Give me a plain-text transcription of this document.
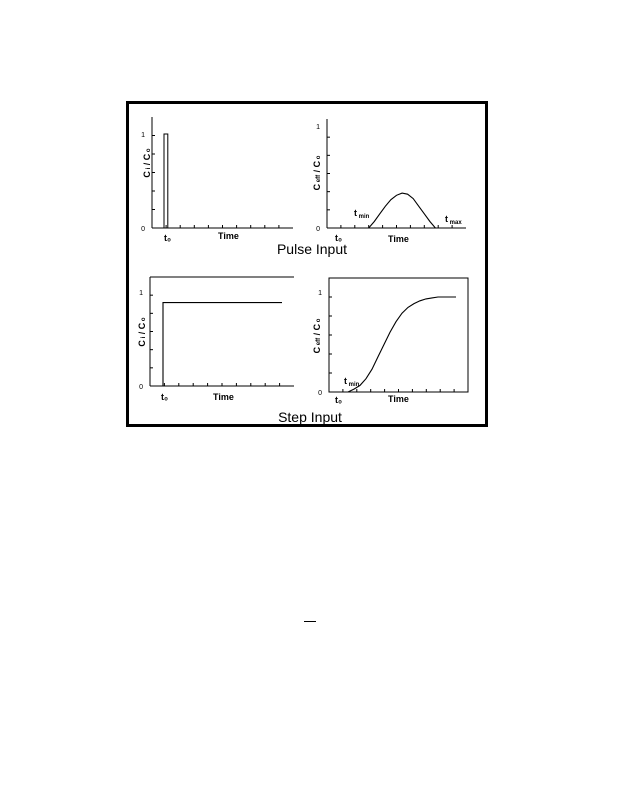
Pulse Input
Step Input
1
0
C i / C o
t₀	Time
1
0
C eff / C o
t₀	Time
t $_{min}$	t $_{max}$
1
0
C i / C o
t₀	Time
1
0
C eff / C o
t₀	Time
t $_{min}$
